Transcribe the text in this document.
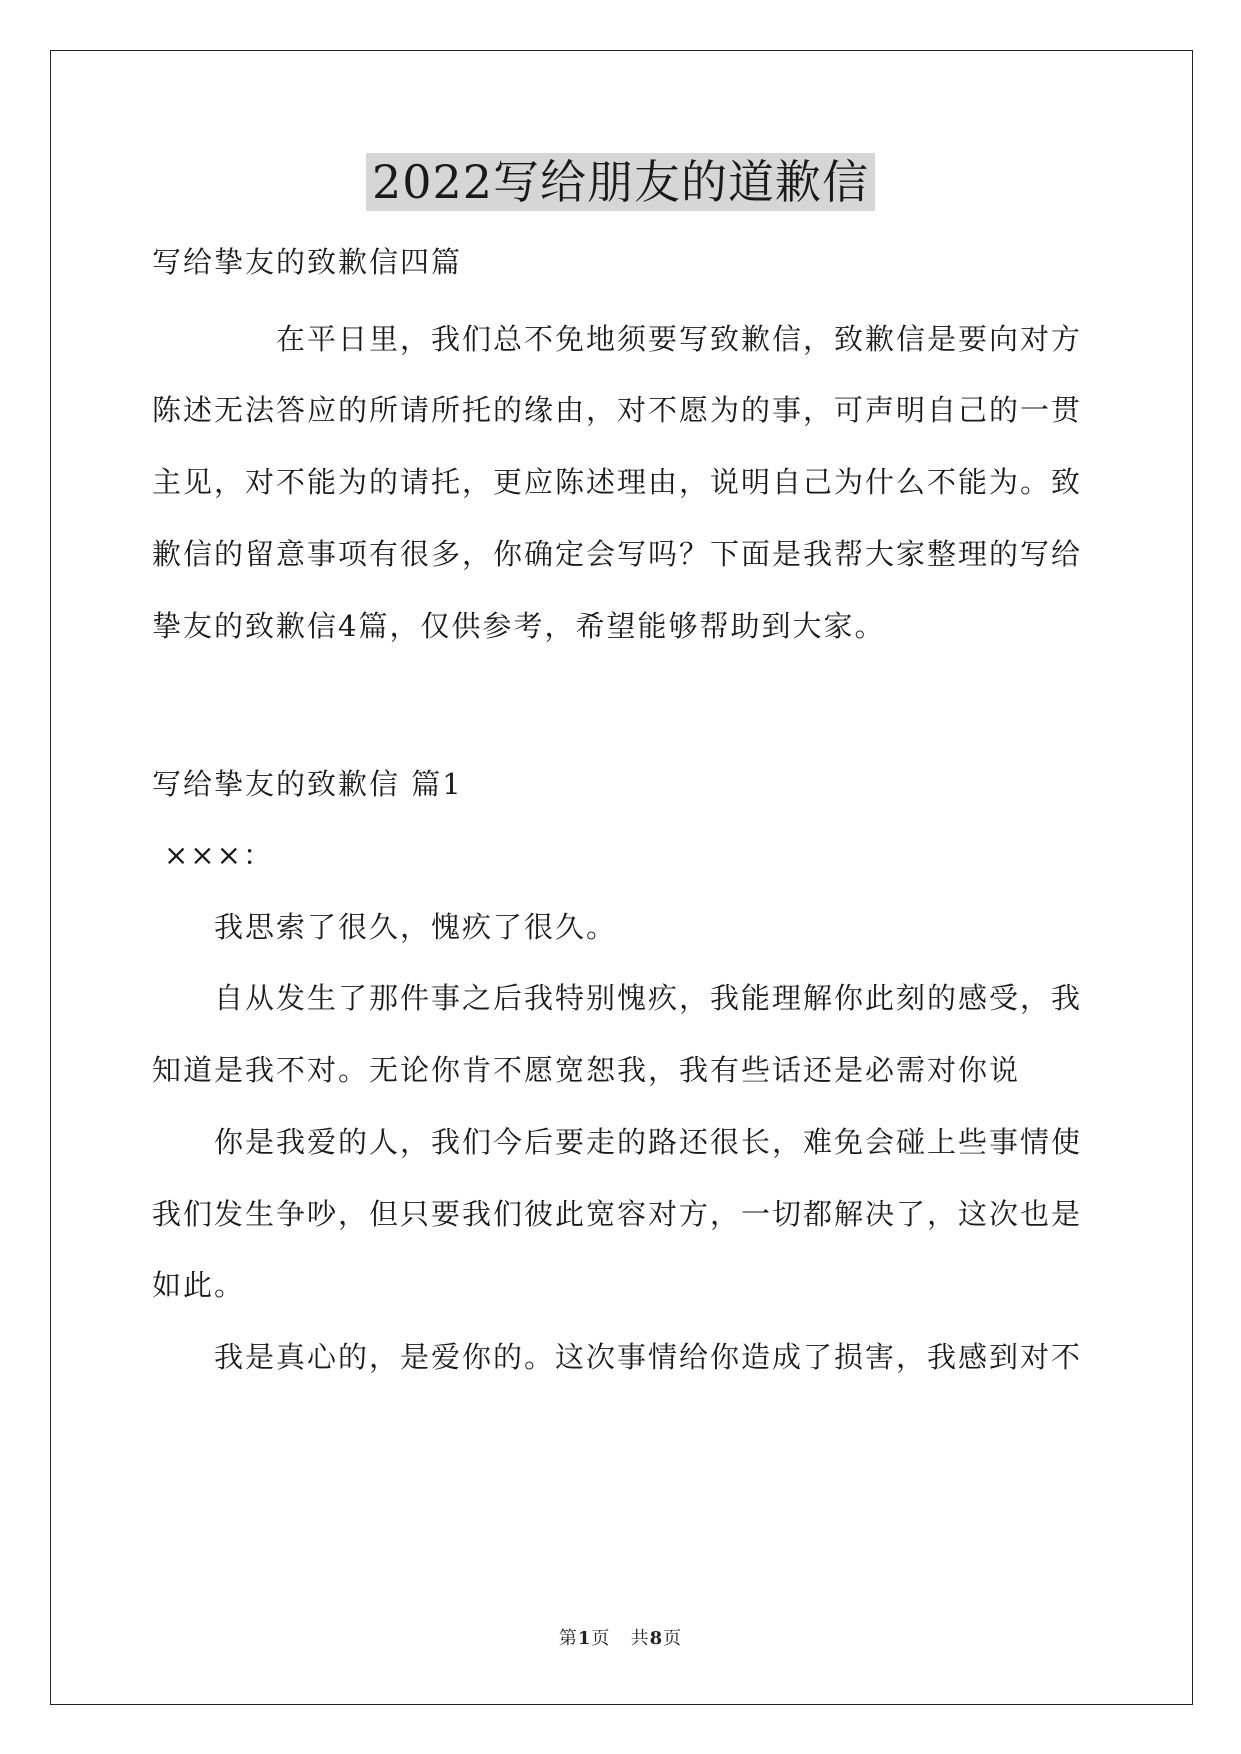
2022写给朋友的道歉信
写给挚友的致歉信四篇
在平日里，我们总不免地须要写致歉信，致歉信是要向对方
陈述无法答应的所请所托的缘由，对不愿为的事，可声明自己的一贯
主见，对不能为的请托，更应陈述理由，说明自己为什么不能为。致
歉信的留意事项有很多，你确定会写吗？下面是我帮大家整理的写给
挚友的致歉信4篇，仅供参考，希望能够帮助到大家。
写给挚友的致歉信 篇1
×××：
我思索了很久，愧疚了很久。
自从发生了那件事之后我特别愧疚，我能理解你此刻的感受，我
知道是我不对。无论你肯不愿宽恕我，我有些话还是必需对你说
你是我爱的人，我们今后要走的路还很长，难免会碰上些事情使
我们发生争吵，但只要我们彼此宽容对方，一切都解决了，这次也是
如此。
我是真心的，是爱你的。这次事情给你造成了损害，我感到对不
第1页   共8页
